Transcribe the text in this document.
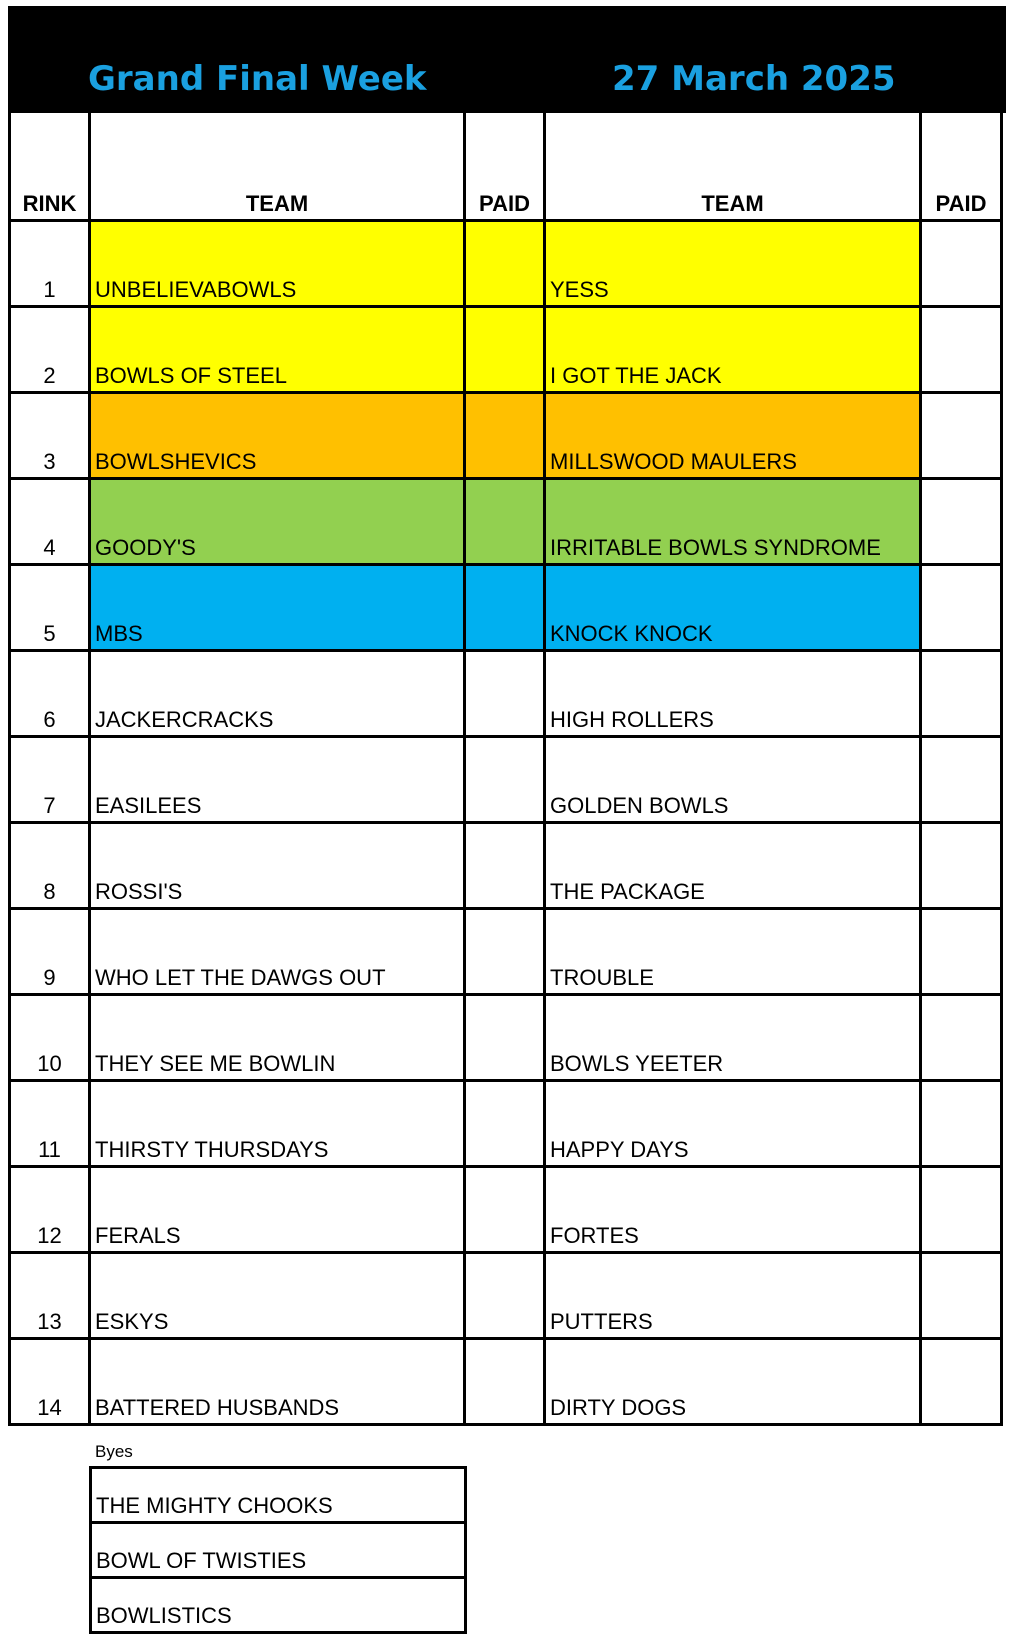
Grand Final Week	27 March 2025
RINK	TEAM	PAID	TEAM	PAID
1	UNBELIEVABOWLS		YESS	
2	BOWLS OF STEEL		I GOT THE JACK	
3	BOWLSHEVICS		MILLSWOOD MAULERS	
4	GOODY'S		IRRITABLE BOWLS SYNDROME	
5	MBS		KNOCK KNOCK	
6	JACKERCRACKS		HIGH ROLLERS	
7	EASILEES		GOLDEN BOWLS	
8	ROSSI'S		THE PACKAGE	
9	WHO LET THE DAWGS OUT		TROUBLE	
10	THEY SEE ME BOWLIN		BOWLS YEETER	
11	THIRSTY THURSDAYS		HAPPY DAYS	
12	FERALS		FORTES	
13	ESKYS		PUTTERS	
14	BATTERED HUSBANDS		DIRTY DOGS	
Byes
THE MIGHTY CHOOKS
BOWL OF TWISTIES
BOWLISTICS
